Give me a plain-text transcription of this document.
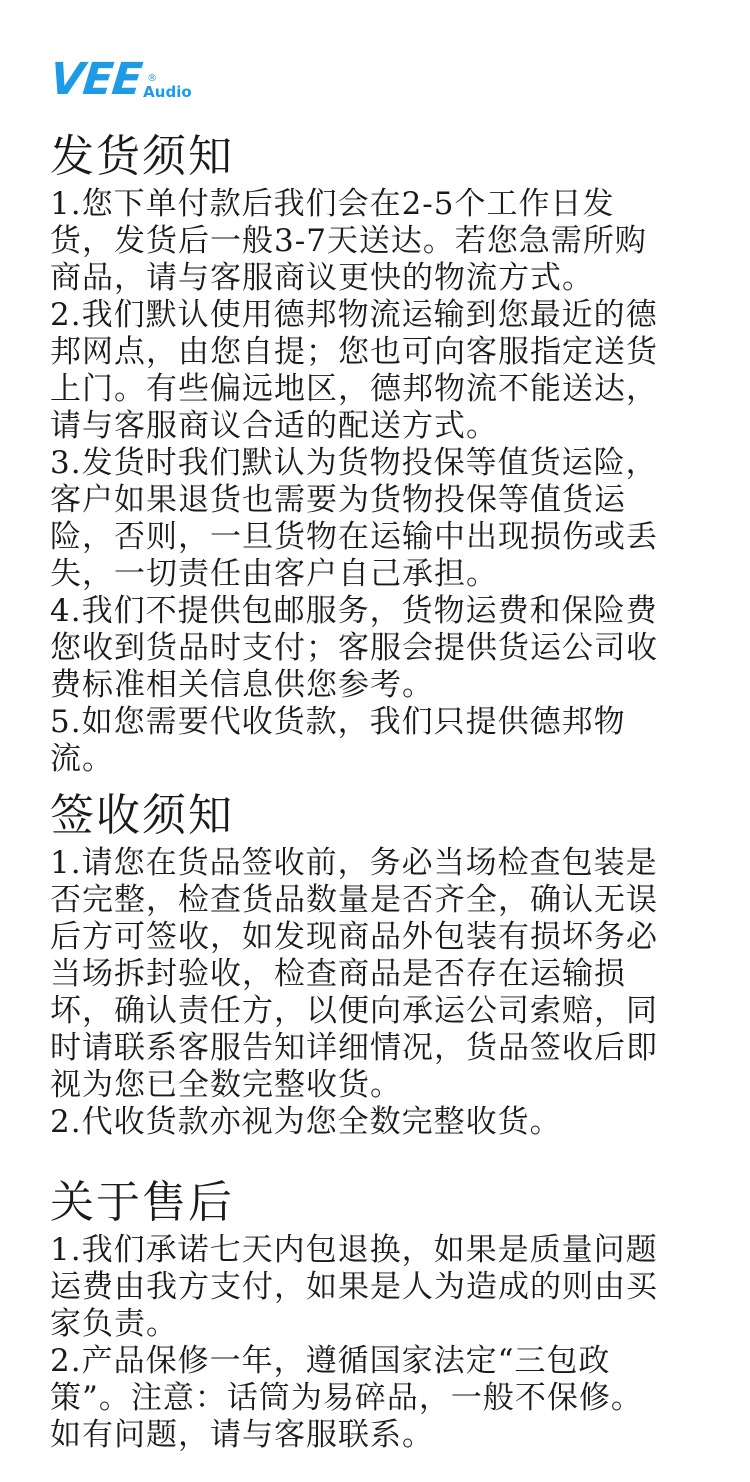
VEE ®
Audio
发货须知

1.您下单付款后我们会在2-5个工作日发
货，发货后一般3-7天送达。若您急需所购
商品，请与客服商议更快的物流方式。

2.我们默认使用德邦物流运输到您最近的德
邦网点，由您自提；您也可向客服指定送货
上门。有些偏远地区，德邦物流不能送达，
请与客服商议合适的配送方式。

3.发货时我们默认为货物投保等值货运险，
客户如果退货也需要为货物投保等值货运
险，否则，一旦货物在运输中出现损伤或丢
失，一切责任由客户自己承担。

4.我们不提供包邮服务，货物运费和保险费
您收到货品时支付；客服会提供货运公司收
费标准相关信息供您参考。

5.如您需要代收货款，我们只提供德邦物
流。

签收须知

1.请您在货品签收前，务必当场检查包装是
否完整，检查货品数量是否齐全，确认无误
后方可签收，如发现商品外包装有损坏务必
当场拆封验收，检查商品是否存在运输损
坏，确认责任方，以便向承运公司索赔，同
时请联系客服告知详细情况，货品签收后即
视为您已全数完整收货。

2.代收货款亦视为您全数完整收货。

关于售后

1.我们承诺七天内包退换，如果是质量问题
运费由我方支付，如果是人为造成的则由买
家负责。

2.产品保修一年，遵循国家法定“三包政
策”。注意：话筒为易碎品，一般不保修。
如有问题，请与客服联系。
